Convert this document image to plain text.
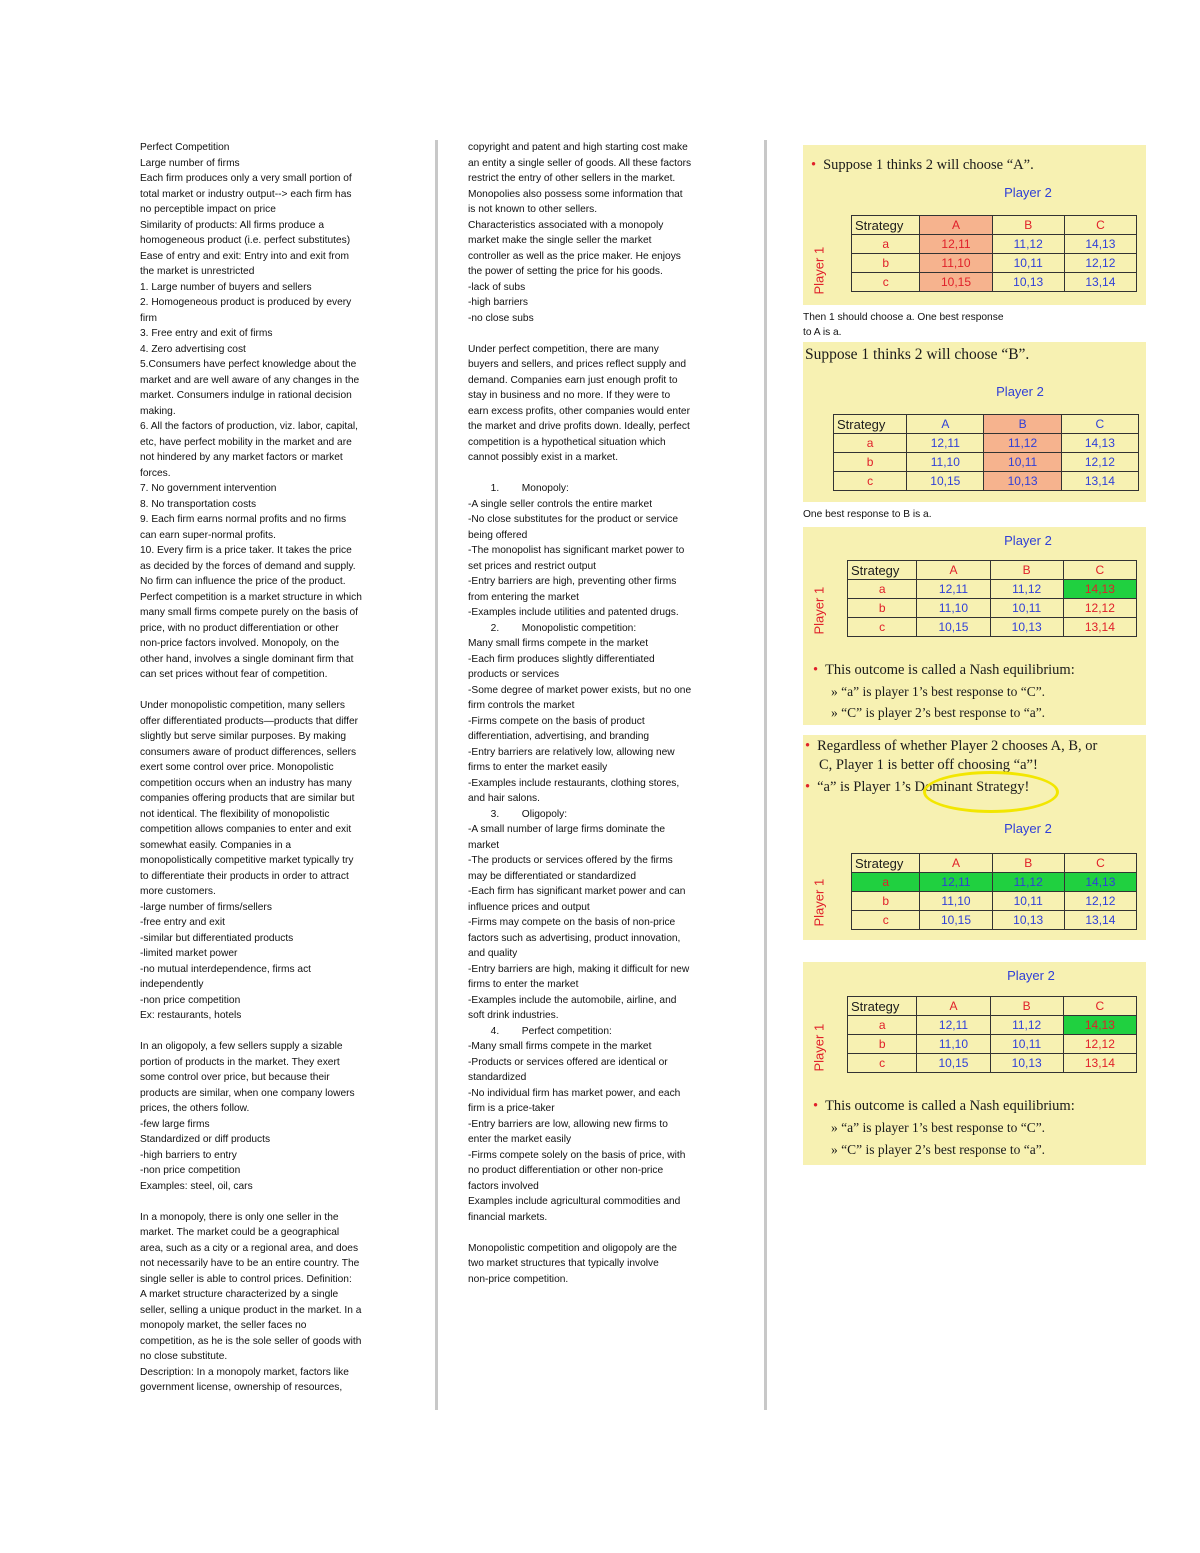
Perfect Competition

Large number of firms

Each firm produces only a very small portion of

total market or industry output--> each firm has

no perceptible impact on price

Similarity of products: All firms produce a

homogeneous product (i.e. perfect substitutes)

Ease of entry and exit: Entry into and exit from

the market is unrestricted

1. Large number of buyers and sellers

2. Homogeneous product is produced by every

firm

3. Free entry and exit of firms

4. Zero advertising cost

5.Consumers have perfect knowledge about the

market and are well aware of any changes in the

market. Consumers indulge in rational decision

making.

6. All the factors of production, viz. labor, capital,

etc, have perfect mobility in the market and are

not hindered by any market factors or market

forces.

7. No government intervention

8. No transportation costs

9. Each firm earns normal profits and no firms

can earn super-normal profits.

10. Every firm is a price taker. It takes the price

as decided by the forces of demand and supply.

No firm can influence the price of the product.

Perfect competition is a market structure in which

many small firms compete purely on the basis of

price, with no product differentiation or other

non-price factors involved. Monopoly, on the

other hand, involves a single dominant firm that

can set prices without fear of competition.

Under monopolistic competition, many sellers

offer differentiated products—products that differ

slightly but serve similar purposes. By making

consumers aware of product differences, sellers

exert some control over price. Monopolistic

competition occurs when an industry has many

companies offering products that are similar but

not identical. The flexibility of monopolistic

competition allows companies to enter and exit

somewhat easily. Companies in a

monopolistically competitive market typically try

to differentiate their products in order to attract

more customers.

-large number of firms/sellers

-free entry and exit

-similar but differentiated products

-limited market power

-no mutual interdependence, firms act

independently

-non price competition

Ex: restaurants, hotels

In an oligopoly, a few sellers supply a sizable

portion of products in the market. They exert

some control over price, but because their

products are similar, when one company lowers

prices, the others follow.

-few large firms

Standardized or diff products

-high barriers to entry

-non price competition

Examples: steel, oil, cars

In a monopoly, there is only one seller in the

market. The market could be a geographical

area, such as a city or a regional area, and does

not necessarily have to be an entire country. The

single seller is able to control prices. Definition:

A market structure characterized by a single

seller, selling a unique product in the market. In a

monopoly market, the seller faces no

competition, as he is the sole seller of goods with

no close substitute.

Description: In a monopoly market, factors like

government license, ownership of resources,

copyright and patent and high starting cost make

an entity a single seller of goods. All these factors

restrict the entry of other sellers in the market.

Monopolies also possess some information that

is not known to other sellers.

Characteristics associated with a monopoly

market make the single seller the market

controller as well as the price maker. He enjoys

the power of setting the price for his goods.

-lack of subs

-high barriers

-no close subs

Under perfect competition, there are many

buyers and sellers, and prices reflect supply and

demand. Companies earn just enough profit to

stay in business and no more. If they were to

earn excess profits, other companies would enter

the market and drive profits down. Ideally, perfect

competition is a hypothetical situation which

cannot possibly exist in a market.

1.        Monopoly:

-A single seller controls the entire market

-No close substitutes for the product or service

being offered

-The monopolist has significant market power to

set prices and restrict output

-Entry barriers are high, preventing other firms

from entering the market

-Examples include utilities and patented drugs.

2.        Monopolistic competition:

Many small firms compete in the market

-Each firm produces slightly differentiated

products or services

-Some degree of market power exists, but no one

firm controls the market

-Firms compete on the basis of product

differentiation, advertising, and branding

-Entry barriers are relatively low, allowing new

firms to enter the market easily

-Examples include restaurants, clothing stores,

and hair salons.

3.        Oligopoly:

-A small number of large firms dominate the

market

-The products or services offered by the firms

may be differentiated or standardized

-Each firm has significant market power and can

influence prices and output

-Firms may compete on the basis of non-price

factors such as advertising, product innovation,

and quality

-Entry barriers are high, making it difficult for new

firms to enter the market

-Examples include the automobile, airline, and

soft drink industries.

4.        Perfect competition:

-Many small firms compete in the market

-Products or services offered are identical or

standardized

-No individual firm has market power, and each

firm is a price-taker

-Entry barriers are low, allowing new firms to

enter the market easily

-Firms compete solely on the basis of price, with

no product differentiation or other non-price

factors involved

Examples include agricultural commodities and

financial markets.

Monopolistic competition and oligopoly are the

two market structures that typically involve

non-price competition.

• Suppose 1 thinks 2 will choose “A”.
Player 2
Player 1
Strategy	A	B	C
a	12,11	11,12	14,13
b	11,10	10,11	12,12
c	10,15	10,13	13,14
Then 1 should choose a. One best response
to A is a.
Suppose 1 thinks 2 will choose “B”.
Player 2
Strategy	A	B	C
a	12,11	11,12	14,13
b	11,10	10,11	12,12
c	10,15	10,13	13,14
One best response to B is a.
Player 2
Player 1
Strategy	A	B	C
a	12,11	11,12	14,13
b	11,10	10,11	12,12
c	10,15	10,13	13,14
• This outcome is called a Nash equilibrium:
» “a” is player 1’s best response to “C”.
» “C” is player 2’s best response to “a”.
• Regardless of whether Player 2 chooses A, B, or
C, Player 1 is better off choosing “a”!
• “a” is Player 1’s Dominant Strategy!
Player 2
Player 1
Strategy	A	B	C
a	12,11	11,12	14,13
b	11,10	10,11	12,12
c	10,15	10,13	13,14
Player 2
Player 1
Strategy	A	B	C
a	12,11	11,12	14,13
b	11,10	10,11	12,12
c	10,15	10,13	13,14
• This outcome is called a Nash equilibrium:
» “a” is player 1’s best response to “C”.
» “C” is player 2’s best response to “a”.
